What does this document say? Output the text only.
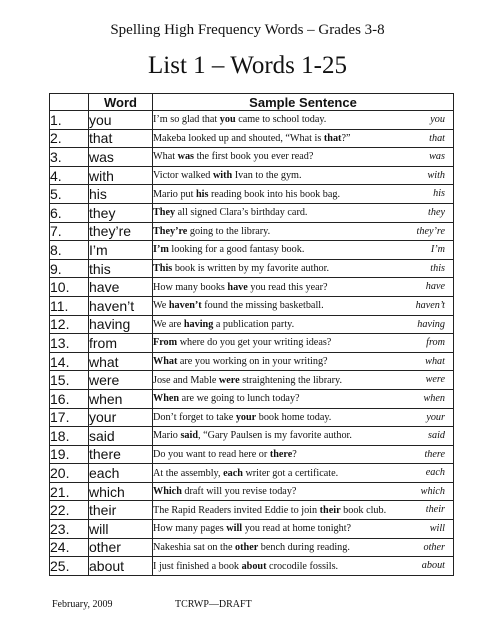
Spelling High Frequency Words – Grades 3-8
List 1 – Words 1-25
	Word	Sample Sentence
1.	you	I’m so glad that you came to school today. you

2.	that	Makeba looked up and shouted, “What is that?” that

3.	was	What was the first book you ever read? was

4.	with	Victor walked with Ivan to the gym. with

5.	his	Mario put his reading book into his book bag. his

6.	they	They all signed Clara’s birthday card. they

7.	they’re	They’re going to the library. they’re

8.	I’m	I’m looking for a good fantasy book. I’m

9.	this	This book is written by my favorite author. this

10.	have	How many books have you read this year? have

11.	haven’t	We haven’t found the missing basketball. haven’t

12.	having	We are having a publication party. having

13.	from	From where do you get your writing ideas? from

14.	what	What are you working on in your writing? what

15.	were	Jose and Mable were straightening the library. were

16.	when	When are we going to lunch today? when

17.	your	Don’t forget to take your book home today. your

18.	said	Mario said, “Gary Paulsen is my favorite author. said

19.	there	Do you want to read here or there? there

20.	each	At the assembly, each writer got a certificate. each

21.	which	Which draft will you revise today? which

22.	their	The Rapid Readers invited Eddie to join their book club. their

23.	will	How many pages will you read at home tonight? will

24.	other	Nakeshia sat on the other bench during reading. other

25.	about	I just finished a book about crocodile fossils. about
February, 2009	TCRWP—DRAFT
